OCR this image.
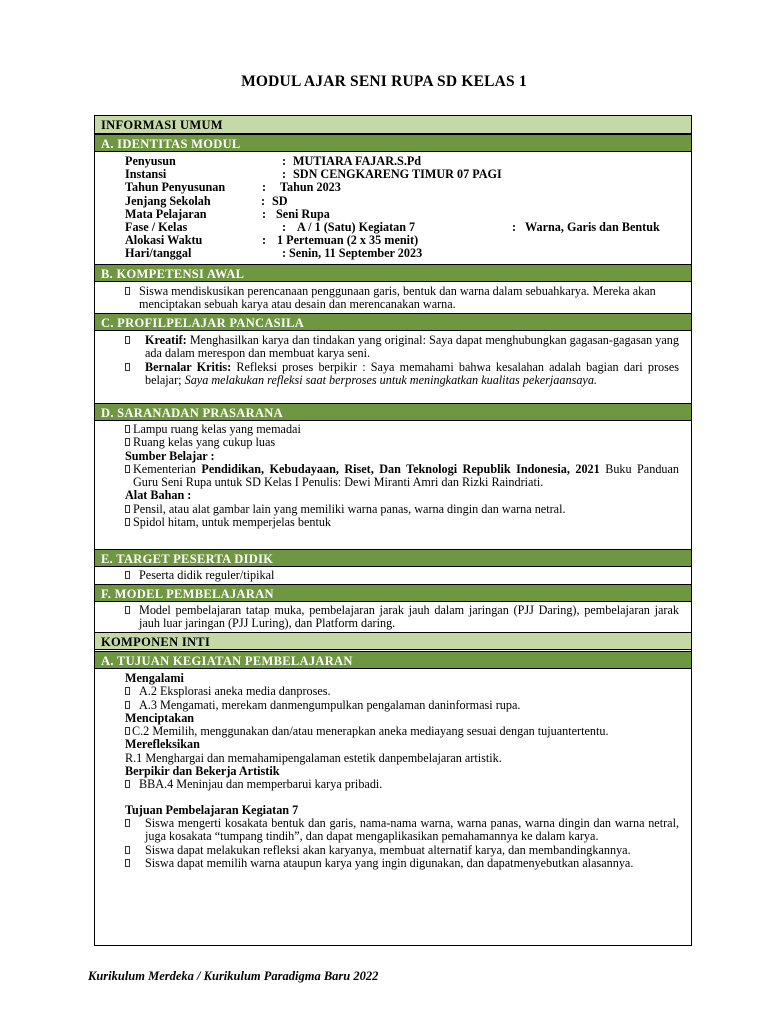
MODUL AJAR SENI RUPA SD KELAS 1
INFORMASI UMUM
A. IDENTITAS MODUL
Penyusun	: MUTIARA FAJAR.S.Pd
Instansi	: SDN CENGKARENG TIMUR 07 PAGI
Tahun Penyusunan	: Tahun 2023
Jenjang Sekolah	: SD
Mata Pelajaran	: Seni Rupa
Fase / Kelas	: A / 1 (Satu) Kegiatan 7	: Warna, Garis dan Bentuk
Alokasi Waktu	: 1 Pertemuan (2 x 35 menit)
Hari/tanggal	: Senin, 11 September 2023
B. KOMPETENSI AWAL
Siswa mendiskusikan perencanaan penggunaan garis, bentuk dan warna dalam sebuahkarya. Mereka akan menciptakan sebuah karya atau desain dan merencanakan warna.
C. PROFILPELAJAR PANCASILA
Kreatif: Menghasilkan karya dan tindakan yang original: Saya dapat menghubungkan gagasan-gagasan yang ada dalam merespon dan membuat karya seni.
Bernalar Kritis: Refleksi proses berpikir : Saya memahami bahwa kesalahan adalah bagian dari proses belajar; Saya melakukan refleksi saat berproses untuk meningkatkan kualitas pekerjaansaya.
D. SARANADAN PRASARANA
Lampu ruang kelas yang memadai
Ruang kelas yang cukup luas
Sumber Belajar :
Kementerian Pendidikan, Kebudayaan, Riset, Dan Teknologi Republik Indonesia, 2021 Buku Panduan Guru Seni Rupa untuk SD Kelas I Penulis: Dewi Miranti Amri dan Rizki Raindriati.
Alat Bahan :
Pensil, atau alat gambar lain yang memiliki warna panas, warna dingin dan warna netral.
Spidol hitam, untuk memperjelas bentuk
E. TARGET PESERTA DIDIK
Peserta didik reguler/tipikal
F. MODEL PEMBELAJARAN
Model pembelajaran tatap muka, pembelajaran jarak jauh dalam jaringan (PJJ Daring), pembelajaran jarak jauh luar jaringan (PJJ Luring), dan Platform daring.
KOMPONEN INTI
A. TUJUAN KEGIATAN PEMBELAJARAN
Mengalami
A.2 Eksplorasi aneka media danproses.
A.3 Mengamati, merekam danmengumpulkan pengalaman daninformasi rupa.
Menciptakan
C.2 Memilih, menggunakan dan/atau menerapkan aneka mediayang sesuai dengan tujuantertentu.
Merefleksikan
R.1 Menghargai dan memahamipengalaman estetik danpembelajaran artistik.
Berpikir dan Bekerja Artistik
BBA.4 Meninjau dan memperbarui karya pribadi.
Tujuan Pembelajaran Kegiatan 7
Siswa mengerti kosakata bentuk dan garis, nama-nama warna, warna panas, warna dingin dan warna netral, juga kosakata “tumpang tindih”, dan dapat mengaplikasikan pemahamannya ke dalam karya.
Siswa dapat melakukan refleksi akan karyanya, membuat alternatif karya, dan membandingkannya.
Siswa dapat memilih warna ataupun karya yang ingin digunakan, dan dapatmenyebutkan alasannya.
Kurikulum Merdeka / Kurikulum Paradigma Baru 2022
